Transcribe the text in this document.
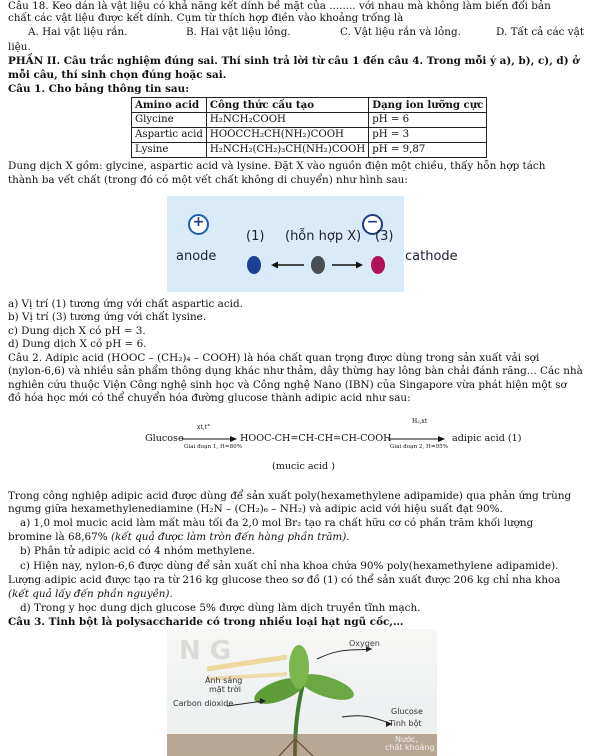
Câu 18. Keo dán là vật liệu có khả năng kết dính bề mặt của ........ với nhau mà không làm biến đổi bản
chất các vật liệu được kết dính. Cụm từ thích hợp điền vào khoảng trống là
A. Hai vật liệu rắn.	B. Hai vật liệu lỏng.	C. Vật liệu rắn và lỏng.	D. Tất cả các vật
liệu.
PHẦN II. Câu trắc nghiệm đúng sai. Thí sinh trả lời từ câu 1 đến câu 4. Trong mỗi ý a), b), c), d) ở
mỗi câu, thí sinh chọn đúng hoặc sai.
Câu 1. Cho bảng thông tin sau:
Amino acid	Công thức cấu tạo	Dạng ion lưỡng cực
Glycine	H₂NCH₂COOH	pH = 6
Aspartic acid	HOOCCH₂CH(NH₂)COOH	pH = 3
Lysine	H₂NCH₂(CH₂)₃CH(NH₂)COOH	pH = 9,87
Dung dịch X gồm: glycine, aspartic acid và lysine. Đặt X vào nguồn điện một chiều, thấy hỗn hợp tách
thành ba vết chất (trong đó có một vết chất không di chuyển) như hình sau:
+	−
(1) (hỗn hợp X) (3)
anode	cathode
a) Vị trí (1) tương ứng với chất aspartic acid.
b) Vị trí (3) tương ứng với chất lysine.
c) Dung dịch X có pH = 3.
d) Dung dịch X có pH = 6.
Câu 2. Adipic acid (HOOC – (CH₂)₄ – COOH) là hóa chất quan trọng được dùng trong sản xuất vải sợi
(nylon-6,6) và nhiều sản phẩm thông dụng khác như thảm, dây thừng hay lông bàn chải đánh răng... Các nhà
nghiên cứu thuộc Viện Công nghệ sinh học và Công nghệ Nano (IBN) của Singapore vừa phát hiện một sơ
đồ hóa học mới có thể chuyển hóa đường glucose thành adipic acid như sau:
Glucose
xt,t°
Giai đoạn 1, H=80%
HOOC-CH=CH-CH=CH-COOH
H₂,xt
Giai đoạn 2, H=95%
adipic acid (1)
(mucic acid )
Trong công nghiệp adipic acid được dùng để sản xuất poly(hexamethylene adipamide) qua phản ứng trùng
ngưng giữa hexamethylenediamine (H₂N – (CH₂)₆ – NH₂) và adipic acid với hiệu suất đạt 90%.
a) 1,0 mol mucic acid làm mất màu tối đa 2,0 mol Br₂ tạo ra chất hữu cơ có phần trăm khối lượng
bromine là 68,67% (kết quả được làm tròn đến hàng phần trăm).
b) Phân tử adipic acid có 4 nhóm methylene.
c) Hiện nay, nylon-6,6 được dùng để sản xuất chỉ nha khoa chứa 90% poly(hexamethylene adipamide).
Lượng adipic acid được tạo ra từ 216 kg glucose theo sơ đồ (1) có thể sản xuất được 206 kg chỉ nha khoa
(kết quả lấy đến phần nguyên).
d) Trong y học dung dịch glucose 5% được dùng làm dịch truyền tĩnh mạch.
Câu 3. Tinh bột là polysaccharide có trong nhiều loại hạt ngũ cốc,…
N G	Oxygen
Ánh sáng
mặt trời
Carbon dioxide
Glucose
Tinh bột
Nước,
chất khoáng
